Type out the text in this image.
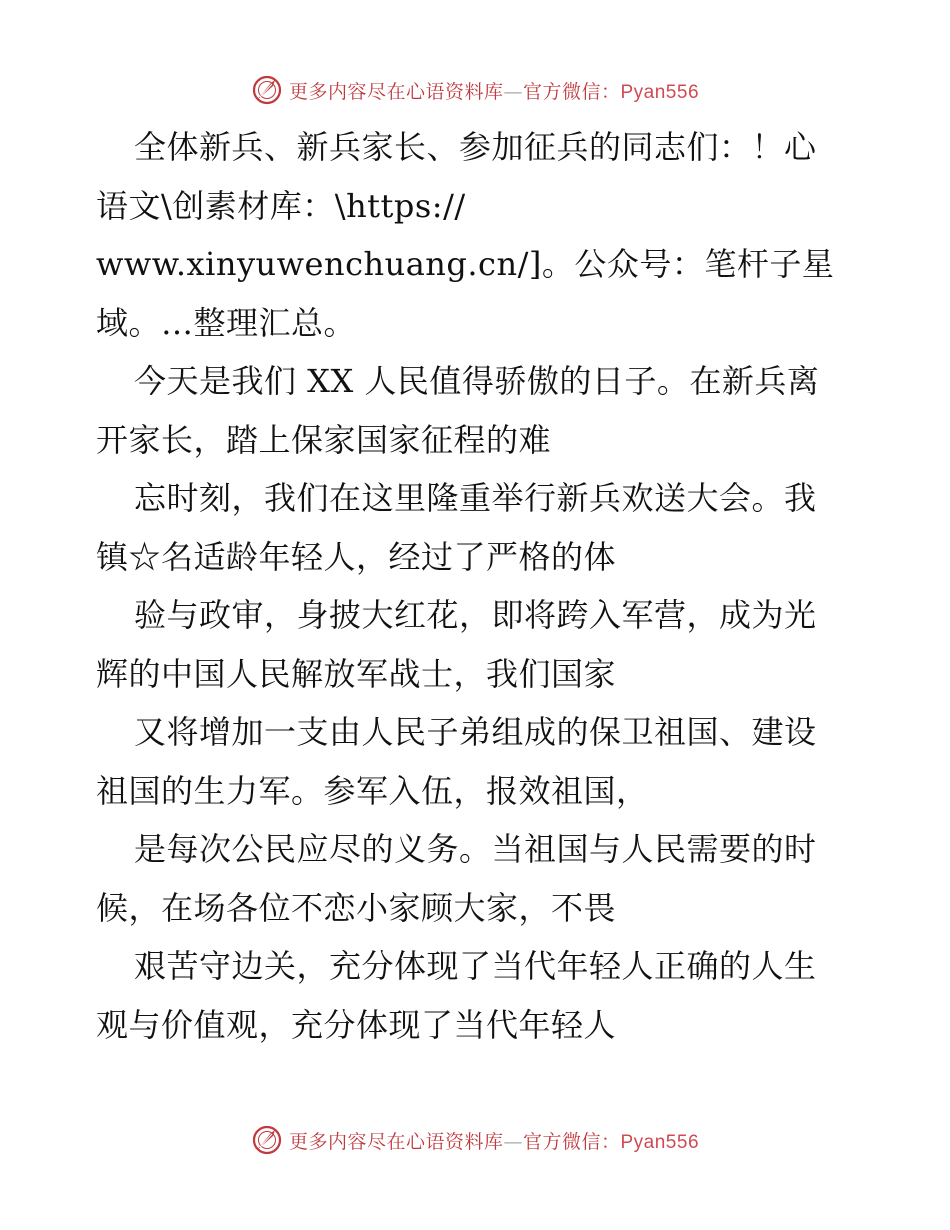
更多内容尽在心语资料库—官方微信：Pyan556
全体新兵、新兵家长、参加征兵的同志们：！心
语文\创素材库：\https://
www.xinyuwenchuang.cn/]。公众号：笔杆子星
域。…整理汇总。
今天是我们 XX 人民值得骄傲的日子。在新兵离
开家长，踏上保家国家征程的难
忘时刻，我们在这里隆重举行新兵欢送大会。我
镇☆名适龄年轻人，经过了严格的体
验与政审，身披大红花，即将跨入军营，成为光
辉的中国人民解放军战士，我们国家
又将增加一支由人民子弟组成的保卫祖国、建设
祖国的生力军。参军入伍，报效祖国，
是每次公民应尽的义务。当祖国与人民需要的时
候，在场各位不恋小家顾大家，不畏
艰苦守边关，充分体现了当代年轻人正确的人生
观与价值观，充分体现了当代年轻人
更多内容尽在心语资料库—官方微信：Pyan556
